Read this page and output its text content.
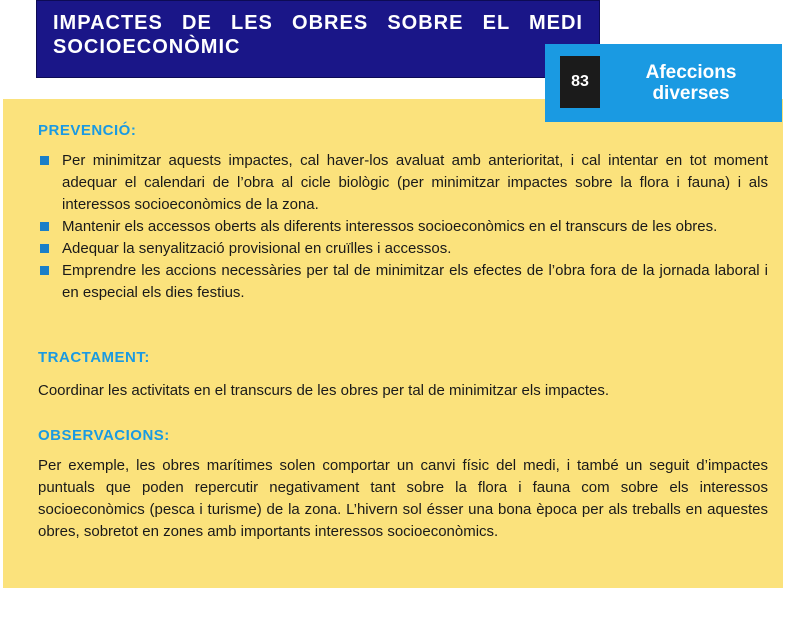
IMPACTES DE LES OBRES SOBRE EL MEDI SOCIOECONÒMIC
83	Afeccions diverses
PREVENCIÓ:
Per minimitzar aquests impactes, cal haver-los avaluat amb anterioritat, i cal intentar en tot moment adequar el calendari de l’obra al cicle biològic (per minimitzar impactes sobre la flora i fauna) i als interessos socioeconòmics de la zona.
Mantenir els accessos oberts als diferents interessos socioeconòmics en el transcurs de les obres.
Adequar la senyalització provisional en cruïlles i accessos.
Emprendre les accions necessàries per tal de minimitzar els efectes de l’obra fora de la jornada laboral i en especial els dies festius.
TRACTAMENT:
Coordinar les activitats en el transcurs de les obres per tal de minimitzar els impactes.
OBSERVACIONS:
Per exemple, les obres marítimes solen comportar un canvi físic del medi, i també un seguit d’impactes puntuals que poden repercutir negativament tant sobre la flora i fauna com sobre els interessos socioeconòmics (pesca i turisme) de la zona. L’hivern sol ésser una bona època per als treballs en aquestes obres, sobretot en zones amb importants interessos socioeconòmics.
